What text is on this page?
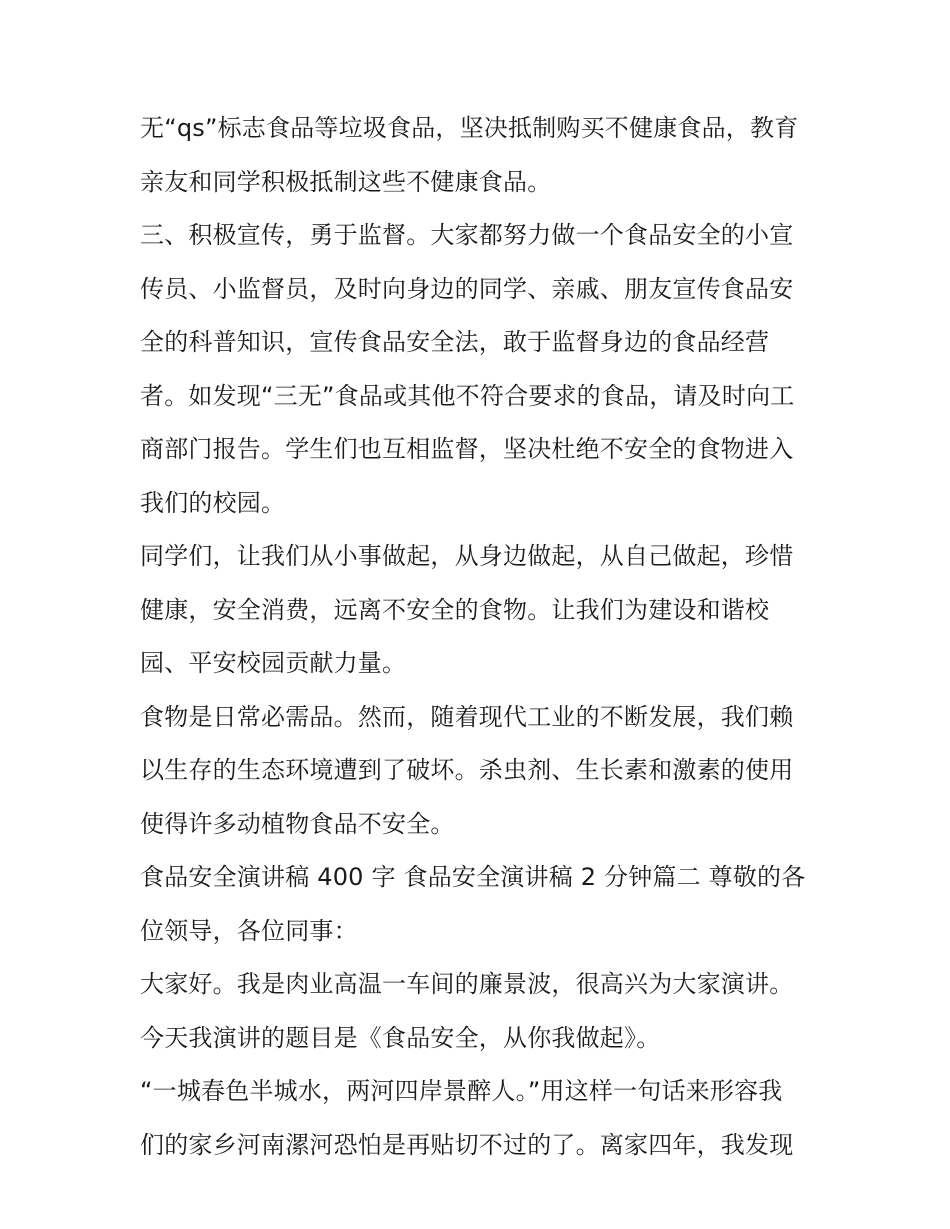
无“qs”标志食品等垃圾食品，坚决抵制购买不健康食品，教育
亲友和同学积极抵制这些不健康食品。
三、积极宣传，勇于监督。大家都努力做一个食品安全的小宣
传员、小监督员，及时向身边的同学、亲戚、朋友宣传食品安
全的科普知识，宣传食品安全法，敢于监督身边的食品经营
者。如发现“三无”食品或其他不符合要求的食品，请及时向工
商部门报告。学生们也互相监督，坚决杜绝不安全的食物进入
我们的校园。
同学们，让我们从小事做起，从身边做起，从自己做起，珍惜
健康，安全消费，远离不安全的食物。让我们为建设和谐校
园、平安校园贡献力量。
食物是日常必需品。然而，随着现代工业的不断发展，我们赖
以生存的生态环境遭到了破坏。杀虫剂、生长素和激素的使用
使得许多动植物食品不安全。
食品安全演讲稿 400 字 食品安全演讲稿 2 分钟篇二 尊敬的各
位领导，各位同事：
大家好。我是肉业高温一车间的廉景波，很高兴为大家演讲。
今天我演讲的题目是《食品安全，从你我做起》。
“一城春色半城水，两河四岸景醉人。”用这样一句话来形容我
们的家乡河南漯河恐怕是再贴切不过的了。离家四年，我发现
